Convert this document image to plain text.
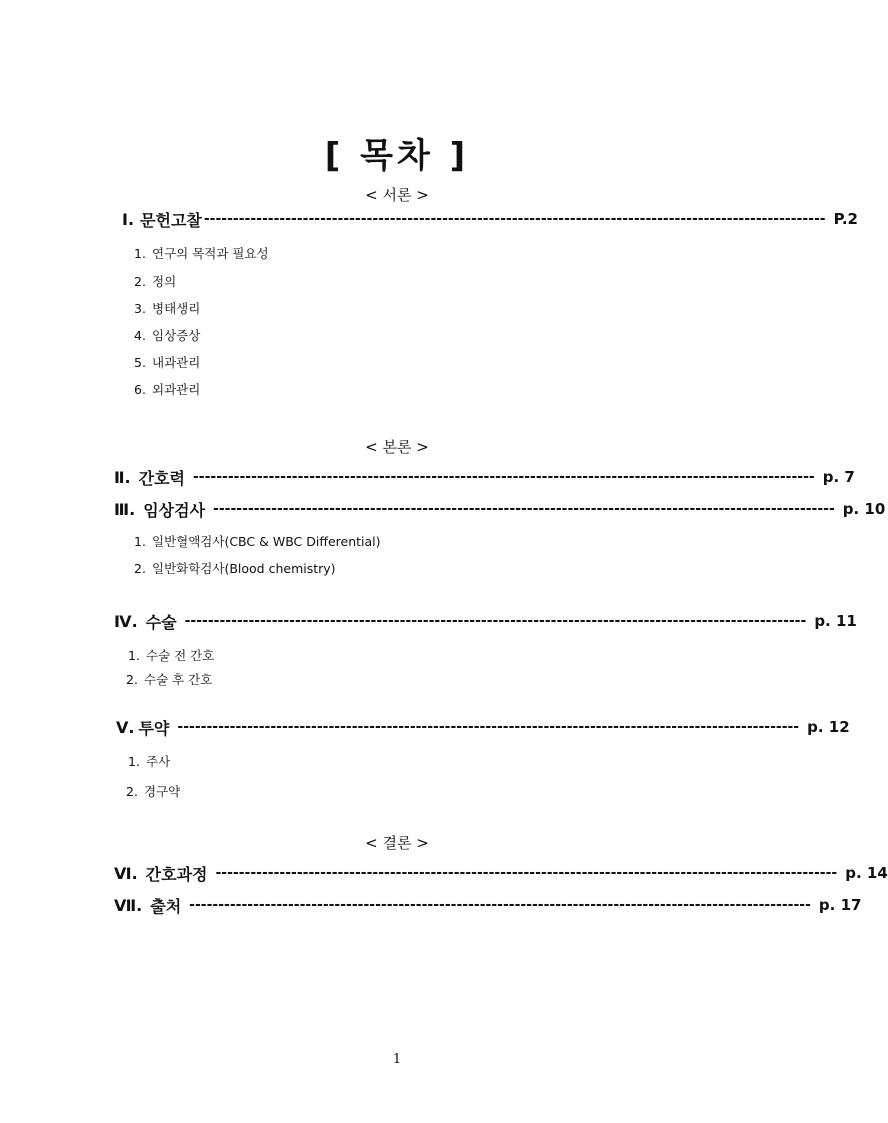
[ 목차 ]
< 서론 >
Ⅰ. 문헌고찰 ----------------------------------------------------------------------------------------------------------- P.2
1. 연구의 목적과 필요성
2. 정의
3. 병태생리
4. 임상증상
5. 내과관리
6. 외과관리
< 본론 >
Ⅱ. 간호력 ----------------------------------------------------------------------------------------------------------- p. 7
Ⅲ. 임상검사 ----------------------------------------------------------------------------------------------------------- p. 10
1. 일반혈액검사(CBC & WBC Differential)
2. 일반화학검사(Blood chemistry)
Ⅳ. 수술 ----------------------------------------------------------------------------------------------------------- p. 11
1. 수술 전 간호
2. 수술 후 간호
Ⅴ. 투약 ----------------------------------------------------------------------------------------------------------- p. 12
1. 주사
2. 경구약
< 결론 >
Ⅵ. 간호과정 ----------------------------------------------------------------------------------------------------------- p. 14
Ⅶ. 출처 ----------------------------------------------------------------------------------------------------------- p. 17
1
